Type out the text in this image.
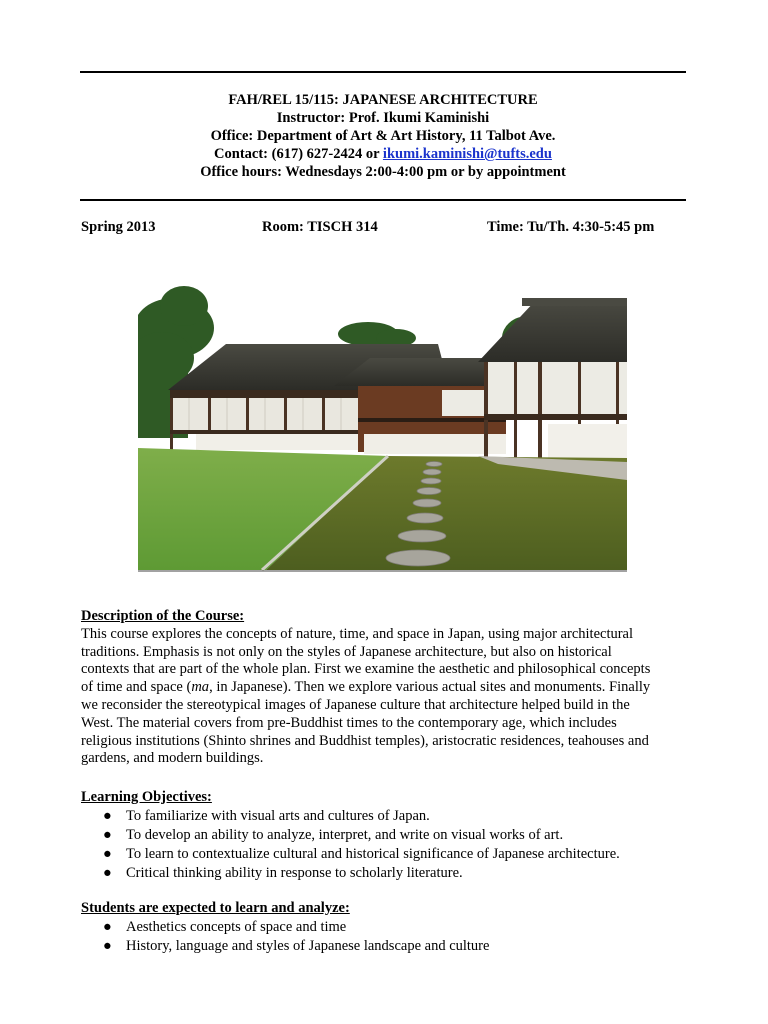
FAH/REL 15/115: JAPANESE ARCHITECTURE
Instructor: Prof. Ikumi Kaminishi
Office: Department of Art & Art History, 11 Talbot Ave.
Contact: (617) 627-2424 or ikumi.kaminishi@tufts.edu
Office hours: Wednesdays 2:00-4:00 pm or by appointment
Spring 2013	Room: TISCH 314	Time: Tu/Th. 4:30-5:45 pm
Description of the Course:

This course explores the concepts of nature, time, and space in Japan, using major architectural
traditions. Emphasis is not only on the styles of Japanese architecture, but also on historical
contexts that are part of the whole plan. First we examine the aesthetic and philosophical concepts
of time and space (ma, in Japanese). Then we explore various actual sites and monuments. Finally
we reconsider the stereotypical images of Japanese culture that architecture helped build in the
West. The material covers from pre-Buddhist times to the contemporary age, which includes
religious institutions (Shinto shrines and Buddhist temples), aristocratic residences, teahouses and
gardens, and modern buildings.

Learning Objectives:
● To familiarize with visual arts and cultures of Japan.
● To develop an ability to analyze, interpret, and write on visual works of art.
● To learn to contextualize cultural and historical significance of Japanese architecture.
● Critical thinking ability in response to scholarly literature.
Students are expected to learn and analyze:
● Aesthetics concepts of space and time
● History, language and styles of Japanese landscape and culture
